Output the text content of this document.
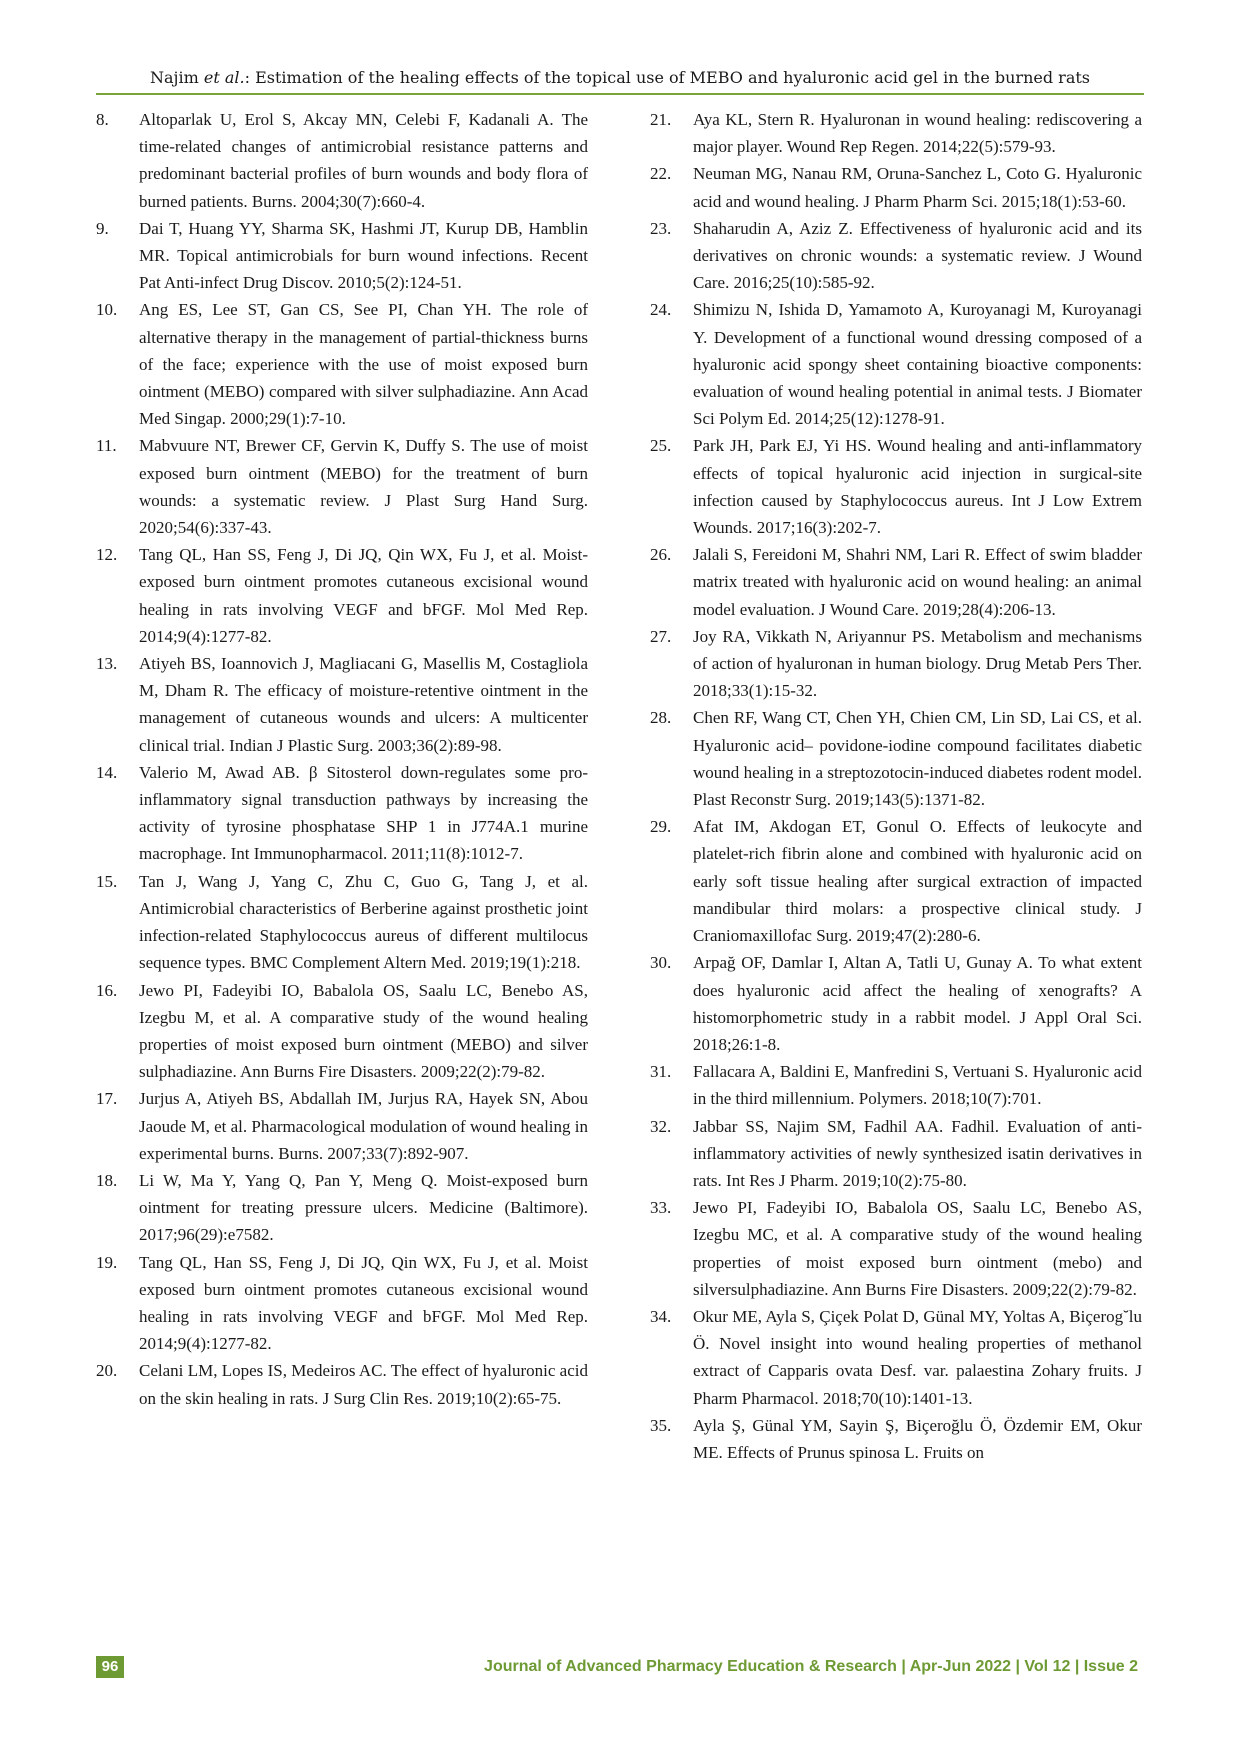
Najim et al.: Estimation of the healing effects of the topical use of MEBO and hyaluronic acid gel in the burned rats
8.	Altoparlak U, Erol S, Akcay MN, Celebi F, Kadanali A. The time-related changes of antimicrobial resistance patterns and predominant bacterial profiles of burn wounds and body flora of burned patients. Burns. 2004;30(7):660-4.
9.	Dai T, Huang YY, Sharma SK, Hashmi JT, Kurup DB, Hamblin MR. Topical antimicrobials for burn wound infections. Recent Pat Anti-infect Drug Discov. 2010;5(2):124-51.
10.	Ang ES, Lee ST, Gan CS, See PI, Chan YH. The role of alternative therapy in the management of partial-thickness burns of the face; experience with the use of moist exposed burn ointment (MEBO) compared with silver sulphadiazine. Ann Acad Med Singap. 2000;29(1):7-10.
11.	Mabvuure NT, Brewer CF, Gervin K, Duffy S. The use of moist exposed burn ointment (MEBO) for the treatment of burn wounds: a systematic review. J Plast Surg Hand Surg. 2020;54(6):337-43.
12.	Tang QL, Han SS, Feng J, Di JQ, Qin WX, Fu J, et al. Moist-exposed burn ointment promotes cutaneous excisional wound healing in rats involving VEGF and bFGF. Mol Med Rep. 2014;9(4):1277-82.
13.	Atiyeh BS, Ioannovich J, Magliacani G, Masellis M, Costagliola M, Dham R. The efficacy of moisture-retentive ointment in the management of cutaneous wounds and ulcers: A multicenter clinical trial. Indian J Plastic Surg. 2003;36(2):89-98.
14.	Valerio M, Awad AB. β Sitosterol down-regulates some pro-inflammatory signal transduction pathways by increasing the activity of tyrosine phosphatase SHP 1 in J774A.1 murine macrophage. Int Immunopharmacol. 2011;11(8):1012-7.
15.	Tan J, Wang J, Yang C, Zhu C, Guo G, Tang J, et al. Antimicrobial characteristics of Berberine against prosthetic joint infection-related Staphylococcus aureus of different multilocus sequence types. BMC Complement Altern Med. 2019;19(1):218.
16.	Jewo PI, Fadeyibi IO, Babalola OS, Saalu LC, Benebo AS, Izegbu M, et al. A comparative study of the wound healing properties of moist exposed burn ointment (MEBO) and silver sulphadiazine. Ann Burns Fire Disasters. 2009;22(2):79-82.
17.	Jurjus A, Atiyeh BS, Abdallah IM, Jurjus RA, Hayek SN, Abou Jaoude M, et al. Pharmacological modulation of wound healing in experimental burns. Burns. 2007;33(7):892-907.
18.	Li W, Ma Y, Yang Q, Pan Y, Meng Q. Moist-exposed burn ointment for treating pressure ulcers. Medicine (Baltimore). 2017;96(29):e7582.
19.	Tang QL, Han SS, Feng J, Di JQ, Qin WX, Fu J, et al. Moist exposed burn ointment promotes cutaneous excisional wound healing in rats involving VEGF and bFGF. Mol Med Rep. 2014;9(4):1277-82.
20.	Celani LM, Lopes IS, Medeiros AC. The effect of hyaluronic acid on the skin healing in rats. J Surg Clin Res. 2019;10(2):65-75.
21.	Aya KL, Stern R. Hyaluronan in wound healing: rediscovering a major player. Wound Rep Regen. 2014;22(5):579-93.
22.	Neuman MG, Nanau RM, Oruna-Sanchez L, Coto G. Hyaluronic acid and wound healing. J Pharm Pharm Sci. 2015;18(1):53-60.
23.	Shaharudin A, Aziz Z. Effectiveness of hyaluronic acid and its derivatives on chronic wounds: a systematic review. J Wound Care. 2016;25(10):585-92.
24.	Shimizu N, Ishida D, Yamamoto A, Kuroyanagi M, Kuroyanagi Y. Development of a functional wound dressing composed of a hyaluronic acid spongy sheet containing bioactive components: evaluation of wound healing potential in animal tests. J Biomater Sci Polym Ed. 2014;25(12):1278-91.
25.	Park JH, Park EJ, Yi HS. Wound healing and anti-inflammatory effects of topical hyaluronic acid injection in surgical-site infection caused by Staphylococcus aureus. Int J Low Extrem Wounds. 2017;16(3):202-7.
26.	Jalali S, Fereidoni M, Shahri NM, Lari R. Effect of swim bladder matrix treated with hyaluronic acid on wound healing: an animal model evaluation. J Wound Care. 2019;28(4):206-13.
27.	Joy RA, Vikkath N, Ariyannur PS. Metabolism and mechanisms of action of hyaluronan in human biology. Drug Metab Pers Ther. 2018;33(1):15-32.
28.	Chen RF, Wang CT, Chen YH, Chien CM, Lin SD, Lai CS, et al. Hyaluronic acid– povidone-iodine compound facilitates diabetic wound healing in a streptozotocin-induced diabetes rodent model. Plast Reconstr Surg. 2019;143(5):1371-82.
29.	Afat IM, Akdogan ET, Gonul O. Effects of leukocyte and platelet-rich fibrin alone and combined with hyaluronic acid on early soft tissue healing after surgical extraction of impacted mandibular third molars: a prospective clinical study. J Craniomaxillofac Surg. 2019;47(2):280-6.
30.	Arpağ OF, Damlar I, Altan A, Tatli U, Gunay A. To what extent does hyaluronic acid affect the healing of xenografts? A histomorphometric study in a rabbit model. J Appl Oral Sci. 2018;26:1-8.
31.	Fallacara A, Baldini E, Manfredini S, Vertuani S. Hyaluronic acid in the third millennium. Polymers. 2018;10(7):701.
32.	Jabbar SS, Najim SM, Fadhil AA. Fadhil. Evaluation of anti-inflammatory activities of newly synthesized isatin derivatives in rats. Int Res J Pharm. 2019;10(2):75-80.
33.	Jewo PI, Fadeyibi IO, Babalola OS, Saalu LC, Benebo AS, Izegbu MC, et al. A comparative study of the wound healing properties of moist exposed burn ointment (mebo) and silversulphadiazine. Ann Burns Fire Disasters. 2009;22(2):79-82.
34.	Okur ME, Ayla S, Çiçek Polat D, Günal MY, Yoltas A, Biçerog˘lu Ö. Novel insight into wound healing properties of methanol extract of Capparis ovata Desf. var. palaestina Zohary fruits. J Pharm Pharmacol. 2018;70(10):1401-13.
35.	Ayla Ş, Günal YM, Sayin Ş, Biçeroğlu Ö, Özdemir EM, Okur ME. Effects of Prunus spinosa L. Fruits on
96	Journal of Advanced Pharmacy Education & Research | Apr-Jun 2022 | Vol 12 | Issue 2
